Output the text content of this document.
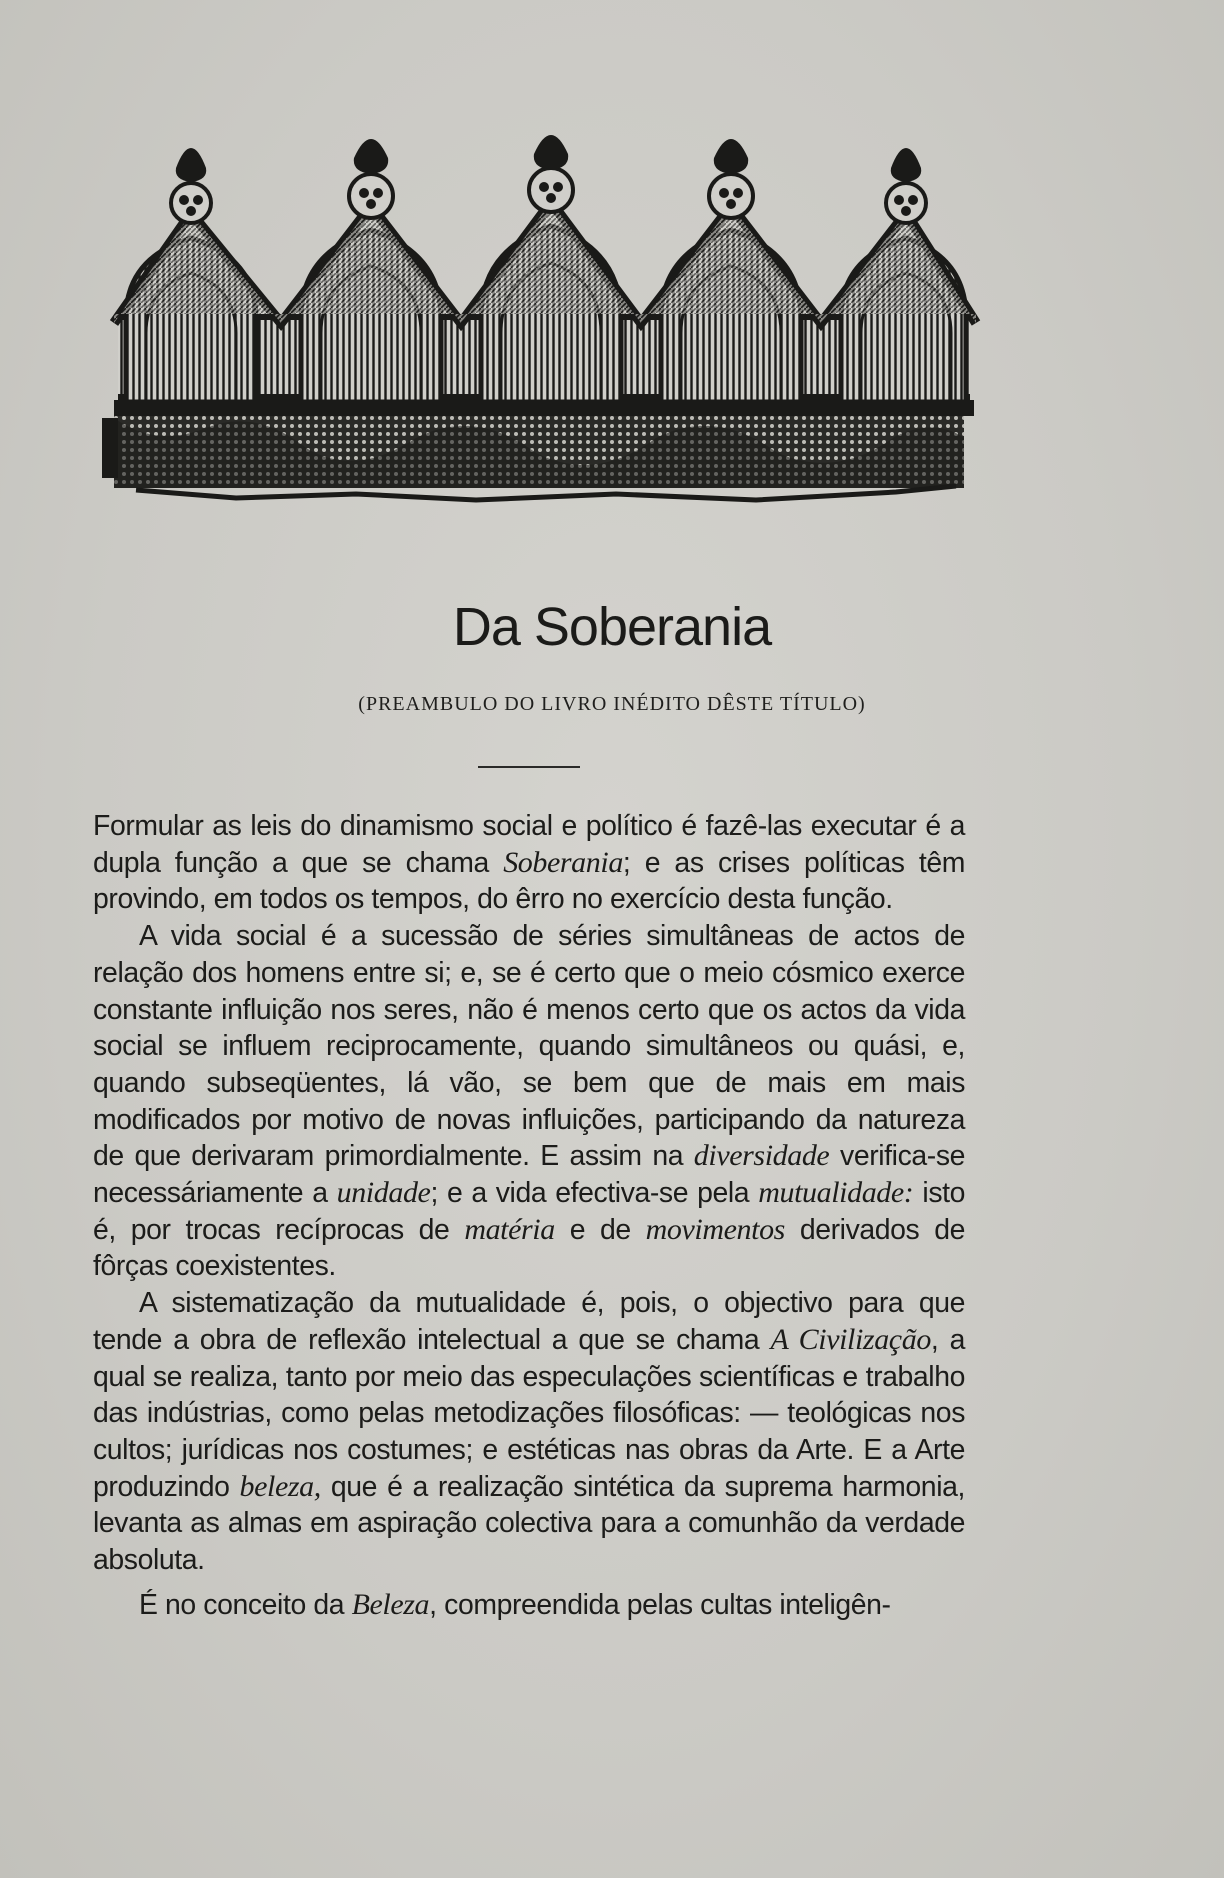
Da Soberania
(PREAMBULO DO LIVRO INÉDITO DÊSTE TÍTULO)

Formular as leis do dinamismo social e político é fazê-las executar é a dupla função a que se chama Soberania; e as crises políticas têm provindo, em todos os tempos, do êrro no exercício desta função.

A vida social é a sucessão de séries simultâneas de actos de relação dos homens entre si; e, se é certo que o meio cósmico exerce constante influição nos seres, não é menos certo que os actos da vida social se influem reciprocamente, quando simultâneos ou quási, e, quando subseqüentes, lá vão, se bem que de mais em mais modificados por motivo de novas influições, participando da natureza de que derivaram primordialmente. E assim na diversidade verifica-se necessáriamente a unidade; e a vida efectiva-se pela mutualidade: isto é, por trocas recíprocas de matéria e de movimentos derivados de fôrças coexistentes.

A sistematização da mutualidade é, pois, o objectivo para que tende a obra de reflexão intelectual a que se chama A Civilização, a qual se realiza, tanto por meio das especulações scientíficas e trabalho das indústrias, como pelas metodizações filosóficas: — teológicas nos cultos; jurídicas nos costumes; e estéticas nas obras da Arte. E a Arte produzindo beleza, que é a realização sintética da suprema harmonia, levanta as almas em aspiração colectiva para a comunhão da verdade absoluta.

É no conceito da Beleza, compreendida pelas cultas inteligên-
